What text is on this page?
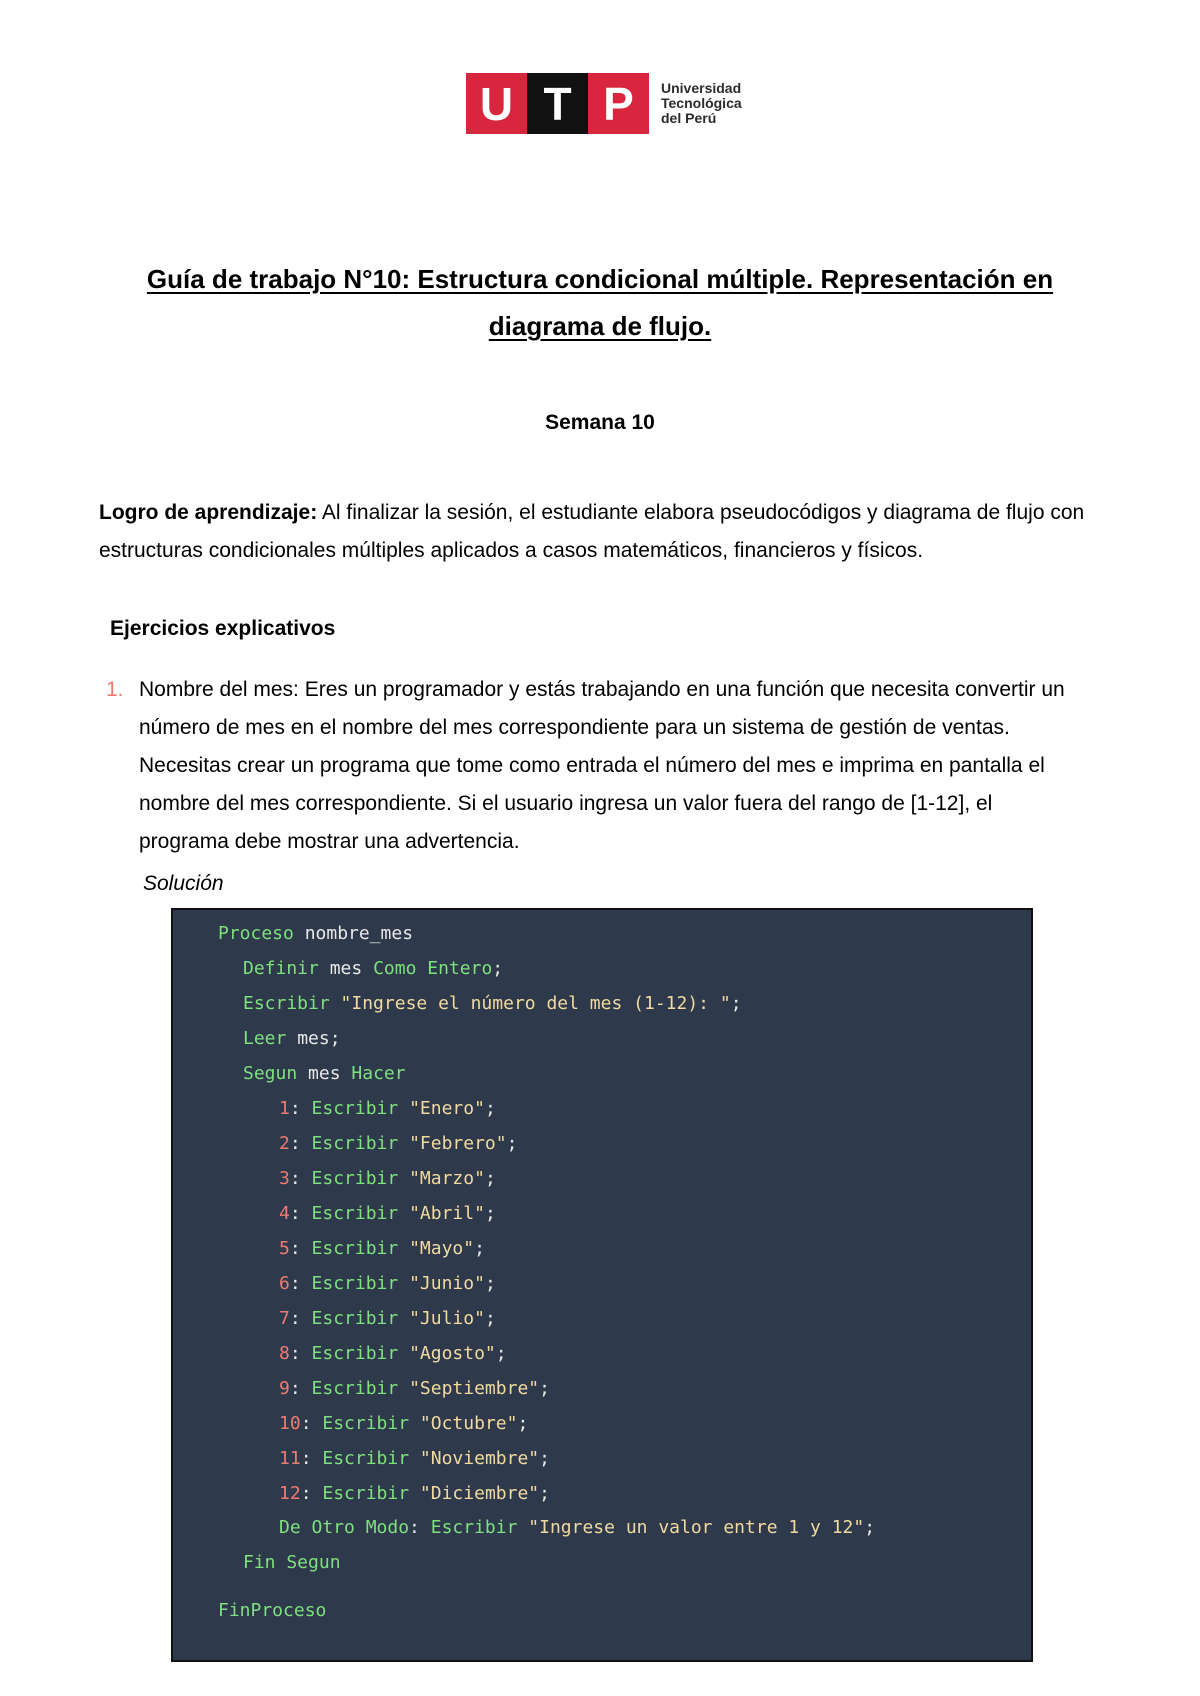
U T P	Universidad
Tecnológica
del Perú
Guía de trabajo N°10: Estructura condicional múltiple. Representación en
diagrama de flujo.
Semana 10
Logro de aprendizaje: Al finalizar la sesión, el estudiante elabora pseudocódigos y diagrama de flujo con estructuras condicionales múltiples aplicados a casos matemáticos, financieros y físicos.
Ejercicios explicativos
1. Nombre del mes: Eres un programador y estás trabajando en una función que necesita convertir un número de mes en el nombre del mes correspondiente para un sistema de gestión de ventas. Necesitas crear un programa que tome como entrada el número del mes e imprima en pantalla el nombre del mes correspondiente. Si el usuario ingresa un valor fuera del rango de [1-12], el programa debe mostrar una advertencia.
Solución
Proceso nombre_mes
Definir mes Como Entero;
Escribir "Ingrese el número del mes (1-12): ";
Leer mes;
Segun mes Hacer
1: Escribir "Enero";
2: Escribir "Febrero";
3: Escribir "Marzo";
4: Escribir "Abril";
5: Escribir "Mayo";
6: Escribir "Junio";
7: Escribir "Julio";
8: Escribir "Agosto";
9: Escribir "Septiembre";
10: Escribir "Octubre";
11: Escribir "Noviembre";
12: Escribir "Diciembre";
De Otro Modo: Escribir "Ingrese un valor entre 1 y 12";
Fin Segun
FinProceso
